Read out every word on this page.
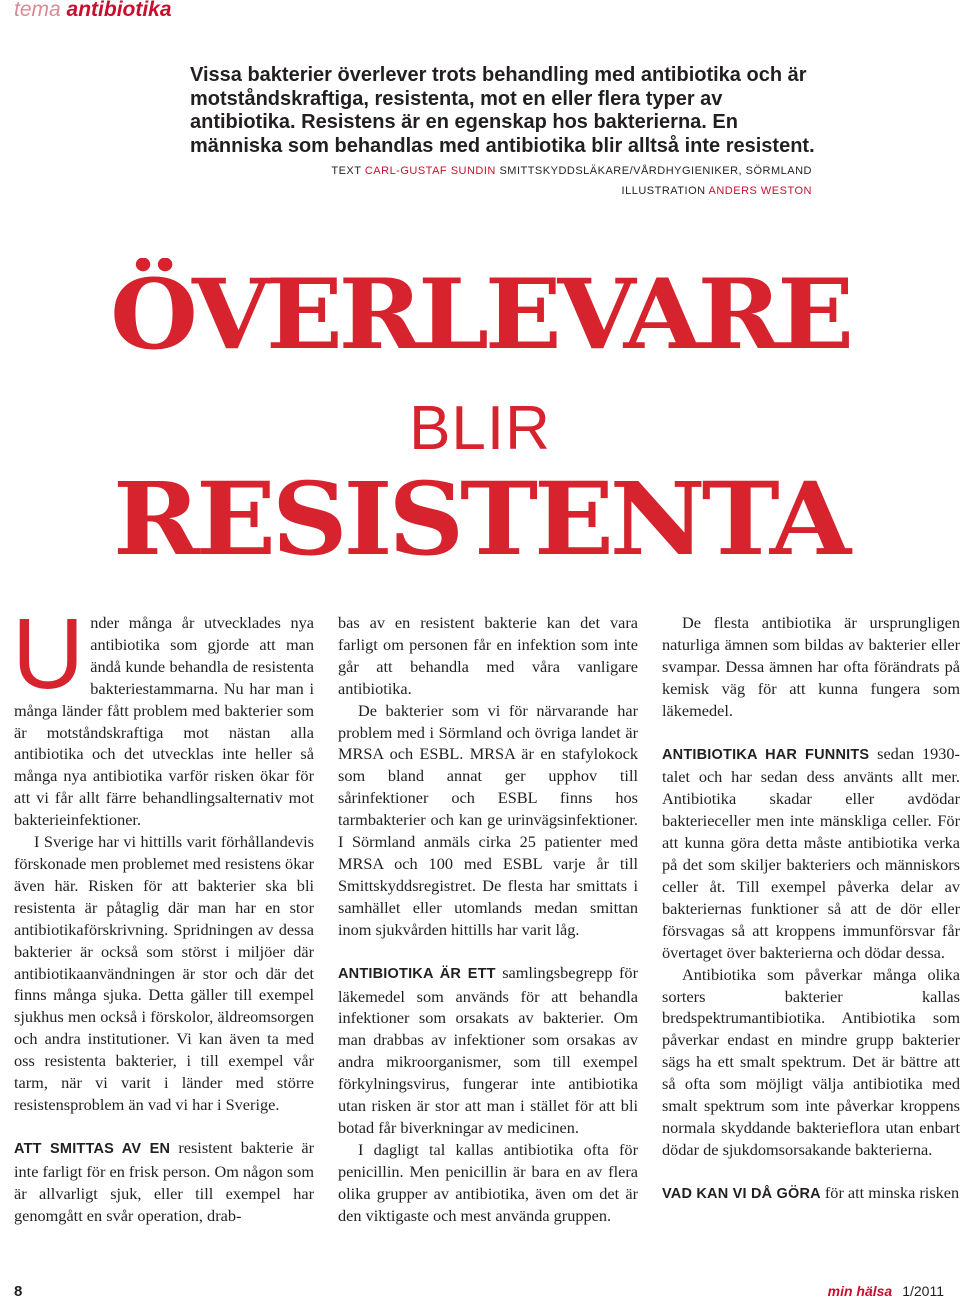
tema antibiotika
Vissa bakterier överlever trots behandling med antibiotika och är motståndskraftiga, resistenta, mot en eller flera typer av antibiotika. Resistens är en egenskap hos bakterierna. En människa som behandlas med antibiotika blir alltså inte resistent.
TEXT CARL-GUSTAF SUNDIN SMITTSKYDDSLÄKARE/VÅRDHYGIENIKER, SÖRMLAND
ILLUSTRATION ANDERS WESTON
ÖVERLEVARE
BLIR
RESISTENTA

Under många år utvecklades nya antibiotika som gjorde att man ändå kunde behandla de resistenta bakteriestammarna. Nu har man i många länder fått problem med bakterier som är motståndskraftiga mot nästan alla antibiotika och det utvecklas inte heller så många nya antibiotika varför risken ökar för att vi får allt färre behandlingsalternativ mot bakterieinfektioner.

I Sverige har vi hittills varit förhållandevis förskonade men problemet med resistens ökar även här. Risken för att bakterier ska bli resistenta är påtaglig där man har en stor antibiotikaförskrivning. Spridningen av dessa bakterier är också som störst i miljöer där antibiotikaanvändningen är stor och där det finns många sjuka. Detta gäller till exempel sjukhus men också i förskolor, äldreomsorgen och andra institutioner. Vi kan även ta med oss resistenta bakterier, i till exempel vår tarm, när vi varit i länder med större resistensproblem än vad vi har i Sverige.

ATT SMITTAS AV EN resistent bakterie är inte farligt för en frisk person. Om någon som är allvarligt sjuk, eller till exempel har genomgått en svår operation, drab-

bas av en resistent bakterie kan det vara farligt om personen får en infektion som inte går att behandla med våra vanligare antibiotika.

De bakterier som vi för närvarande har problem med i Sörmland och övriga landet är MRSA och ESBL. MRSA är en stafylokock som bland annat ger upphov till sårinfektioner och ESBL finns hos tarmbakterier och kan ge urinvägsinfektioner. I Sörmland anmäls cirka 25 patienter med MRSA och 100 med ESBL varje år till Smittskyddsregistret. De flesta har smittats i samhället eller utomlands medan smittan inom sjukvården hittills har varit låg.

ANTIBIOTIKA ÄR ETT samlingsbegrepp för läkemedel som används för att behandla infektioner som orsakats av bakterier. Om man drabbas av infektioner som orsakas av andra mikroorganismer, som till exempel förkylningsvirus, fungerar inte antibiotika utan risken är stor att man i stället för att bli botad får biverkningar av medicinen.

I dagligt tal kallas antibiotika ofta för penicillin. Men penicillin är bara en av flera olika grupper av antibiotika, även om det är den viktigaste och mest använda gruppen.

De flesta antibiotika är ursprungligen naturliga ämnen som bildas av bakterier eller svampar. Dessa ämnen har ofta förändrats på kemisk väg för att kunna fungera som läkemedel.

ANTIBIOTIKA HAR FUNNITS sedan 1930-talet och har sedan dess använts allt mer. Antibiotika skadar eller avdödar bakterieceller men inte mänskliga celler. För att kunna göra detta måste antibiotika verka på det som skiljer bakteriers och människors celler åt. Till exempel påverka delar av bakteriernas funktioner så att de dör eller försvagas så att kroppens immunförsvar får övertaget över bakterierna och dödar dessa.

Antibiotika som påverkar många olika sorters bakterier kallas bredspektrumantibiotika. Antibiotika som påverkar endast en mindre grupp bakterier sägs ha ett smalt spektrum. Det är bättre att så ofta som möjligt välja antibiotika med smalt spektrum som inte påverkar kroppens normala skyddande bakterieflora utan enbart dödar de sjukdomsorsakande bakterierna.

VAD KAN VI DÅ GÖRA för att minska risken

8	min hälsa 1/2011
